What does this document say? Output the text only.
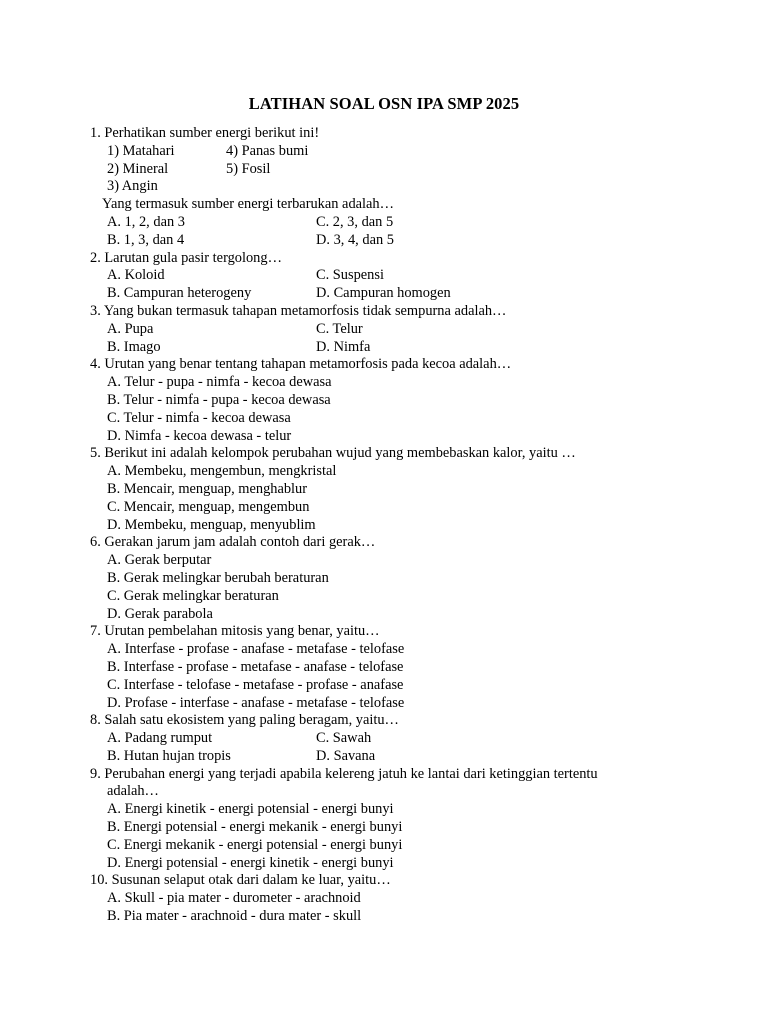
LATIHAN SOAL OSN IPA SMP 2025
1. Perhatikan sumber energi berikut ini!
1) Matahari	4) Panas bumi
2) Mineral	5) Fosil
3) Angin
Yang termasuk sumber energi terbarukan adalah…
A. 1, 2, dan 3	C. 2, 3, dan 5
B. 1, 3, dan 4	D. 3, 4, dan 5
2. Larutan gula pasir tergolong…
A. Koloid	C. Suspensi
B. Campuran heterogeny	D. Campuran homogen
3. Yang bukan termasuk tahapan metamorfosis tidak sempurna adalah…
A. Pupa	C. Telur
B. Imago	D. Nimfa
4. Urutan yang benar tentang tahapan metamorfosis pada kecoa adalah…
A. Telur - pupa - nimfa - kecoa dewasa
B. Telur - nimfa - pupa - kecoa dewasa
C. Telur - nimfa - kecoa dewasa
D. Nimfa - kecoa dewasa - telur
5. Berikut ini adalah kelompok perubahan wujud yang membebaskan kalor, yaitu …
A. Membeku, mengembun, mengkristal
B. Mencair, menguap, menghablur
C. Mencair, menguap, mengembun
D. Membeku, menguap, menyublim
6. Gerakan jarum jam adalah contoh dari gerak…
A. Gerak berputar
B. Gerak melingkar berubah beraturan
C. Gerak melingkar beraturan
D. Gerak parabola
7. Urutan pembelahan mitosis yang benar, yaitu…
A. Interfase - profase - anafase - metafase - telofase
B. Interfase - profase - metafase - anafase - telofase
C. Interfase - telofase - metafase - profase - anafase
D. Profase - interfase - anafase - metafase - telofase
8. Salah satu ekosistem yang paling beragam, yaitu…
A. Padang rumput	C. Sawah
B. Hutan hujan tropis	D. Savana
9. Perubahan energi yang terjadi apabila kelereng jatuh ke lantai dari ketinggian tertentu
adalah…
A. Energi kinetik - energi potensial - energi bunyi
B. Energi potensial - energi mekanik - energi bunyi
C. Energi mekanik - energi potensial - energi bunyi
D. Energi potensial - energi kinetik - energi bunyi
10. Susunan selaput otak dari dalam ke luar, yaitu…
A. Skull - pia mater - durometer - arachnoid
B. Pia mater - arachnoid - dura mater - skull
